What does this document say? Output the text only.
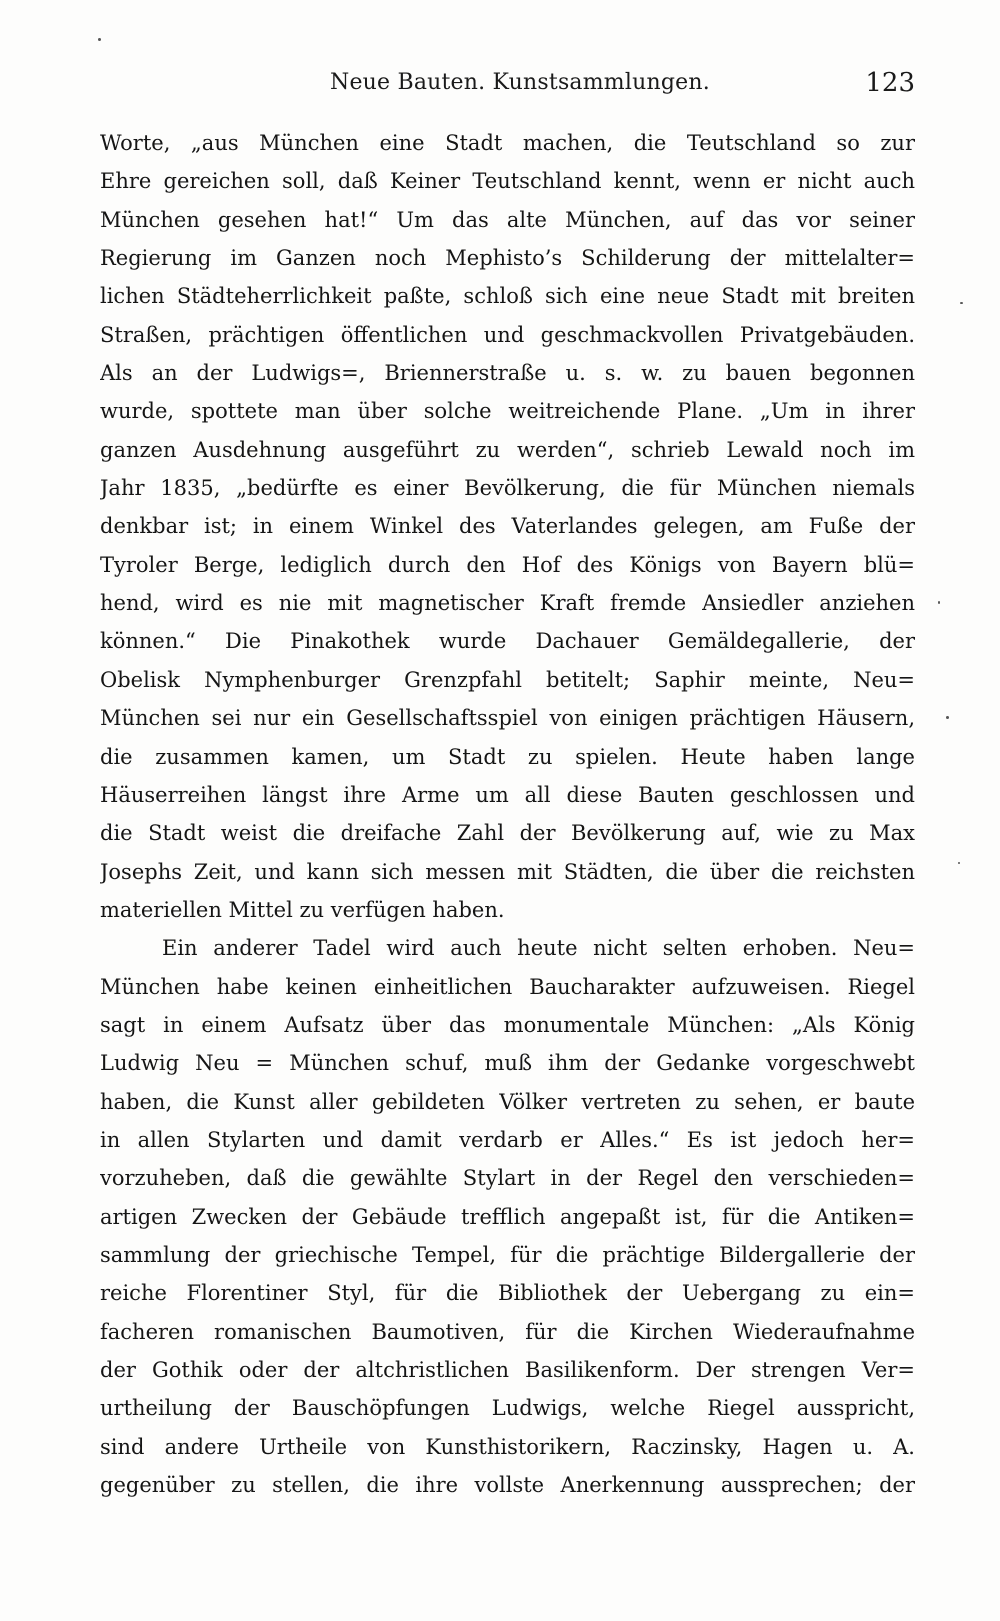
Neue Bauten. Kunstsammlungen.	123
Worte, „aus München eine Stadt machen, die Teutschland so zur
Ehre gereichen soll, daß Keiner Teutschland kennt, wenn er nicht auch
München gesehen hat!“ Um das alte München, auf das vor seiner
Regierung im Ganzen noch Mephisto’s Schilderung der mittelalter=
lichen Städteherrlichkeit paßte, schloß sich eine neue Stadt mit breiten
Straßen, prächtigen öffentlichen und geschmackvollen Privatgebäuden.
Als an der Ludwigs=, Briennerstraße u. s. w. zu bauen begonnen
wurde, spottete man über solche weitreichende Plane. „Um in ihrer
ganzen Ausdehnung ausgeführt zu werden“, schrieb Lewald noch im
Jahr 1835, „bedürfte es einer Bevölkerung, die für München niemals
denkbar ist; in einem Winkel des Vaterlandes gelegen, am Fuße der
Tyroler Berge, lediglich durch den Hof des Königs von Bayern blü=
hend, wird es nie mit magnetischer Kraft fremde Ansiedler anziehen
können.“ Die Pinakothek wurde Dachauer Gemäldegallerie, der
Obelisk Nymphenburger Grenzpfahl betitelt; Saphir meinte, Neu=
München sei nur ein Gesellschaftsspiel von einigen prächtigen Häusern,
die zusammen kamen, um Stadt zu spielen. Heute haben lange
Häuserreihen längst ihre Arme um all diese Bauten geschlossen und
die Stadt weist die dreifache Zahl der Bevölkerung auf, wie zu Max
Josephs Zeit, und kann sich messen mit Städten, die über die reichsten
materiellen Mittel zu verfügen haben.
Ein anderer Tadel wird auch heute nicht selten erhoben. Neu=
München habe keinen einheitlichen Baucharakter aufzuweisen. Riegel
sagt in einem Aufsatz über das monumentale München: „Als König
Ludwig Neu = München schuf, muß ihm der Gedanke vorgeschwebt
haben, die Kunst aller gebildeten Völker vertreten zu sehen, er baute
in allen Stylarten und damit verdarb er Alles.“ Es ist jedoch her=
vorzuheben, daß die gewählte Stylart in der Regel den verschieden=
artigen Zwecken der Gebäude trefflich angepaßt ist, für die Antiken=
sammlung der griechische Tempel, für die prächtige Bildergallerie der
reiche Florentiner Styl, für die Bibliothek der Uebergang zu ein=
facheren romanischen Baumotiven, für die Kirchen Wiederaufnahme
der Gothik oder der altchristlichen Basilikenform. Der strengen Ver=
urtheilung der Bauschöpfungen Ludwigs, welche Riegel ausspricht,
sind andere Urtheile von Kunsthistorikern, Raczinsky, Hagen u. A.
gegenüber zu stellen, die ihre vollste Anerkennung aussprechen; der
